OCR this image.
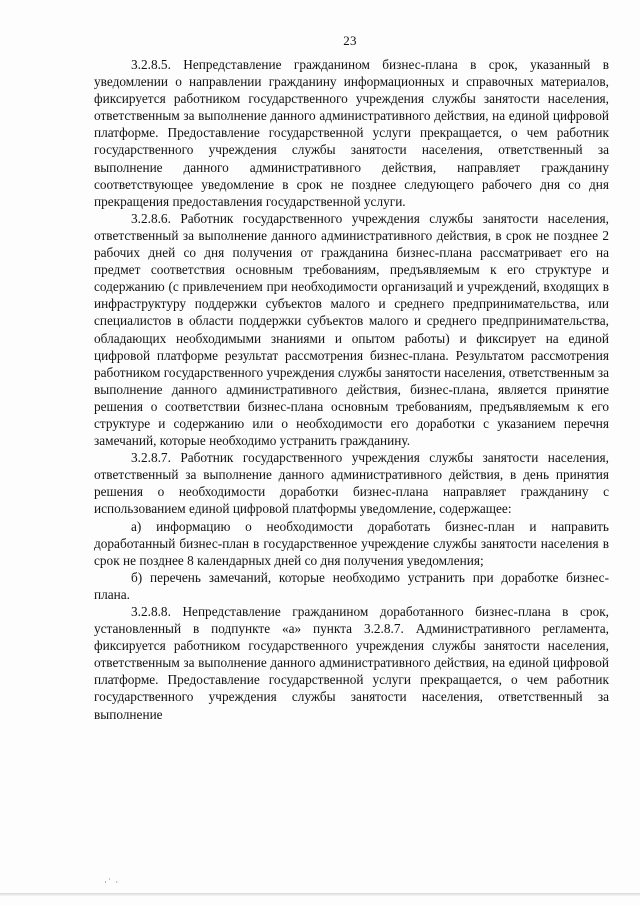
23

3.2.8.5. Непредставление гражданином бизнес-плана в срок, указанный в уведомлении о направлении гражданину информационных и справочных материалов, фиксируется работником государственного учреждения службы занятости населения, ответственным за выполнение данного административного действия, на единой цифровой платформе. Предоставление государственной услуги прекращается, о чем работник государственного учреждения службы занятости населения, ответственный за выполнение данного административного действия, направляет гражданину соответствующее уведомление в срок не позднее следующего рабочего дня со дня прекращения предоставления государственной услуги.

3.2.8.6. Работник государственного учреждения службы занятости населения, ответственный за выполнение данного административного действия, в срок не позднее 2 рабочих дней со дня получения от гражданина бизнес-плана рассматривает его на предмет соответствия основным требованиям, предъявляемым к его структуре и содержанию (с привлечением при необходимости организаций и учреждений, входящих в инфраструктуру поддержки субъектов малого и среднего предпринимательства, или специалистов в области поддержки субъектов малого и среднего предпринимательства, обладающих необходимыми знаниями и опытом работы) и фиксирует на единой цифровой платформе результат рассмотрения бизнес-плана. Результатом рассмотрения работником государственного учреждения службы занятости населения, ответственным за выполнение данного административного действия, бизнес-плана, является принятие решения о соответствии бизнес-плана основным требованиям, предъявляемым к его структуре и содержанию или о необходимости его доработки с указанием перечня замечаний, которые необходимо устранить гражданину.

3.2.8.7. Работник государственного учреждения службы занятости населения, ответственный за выполнение данного административного действия, в день принятия решения о необходимости доработки бизнес-плана направляет гражданину с использованием единой цифровой платформы уведомление, содержащее:

а) информацию о необходимости доработать бизнес-план и направить доработанный бизнес-план в государственное учреждение службы занятости населения в срок не позднее 8 календарных дней со дня получения уведомления;

б) перечень замечаний, которые необходимо устранить при доработке бизнес-плана.

3.2.8.8. Непредставление гражданином доработанного бизнес-плана в срок, установленный в подпункте «а» пункта 3.2.8.7. Административного регламента, фиксируется работником государственного учреждения службы занятости населения, ответственным за выполнение данного административного действия, на единой цифровой платформе. Предоставление государственной услуги прекращается, о чем работник государственного учреждения службы занятости населения, ответственный за выполнение

·˙ ·
